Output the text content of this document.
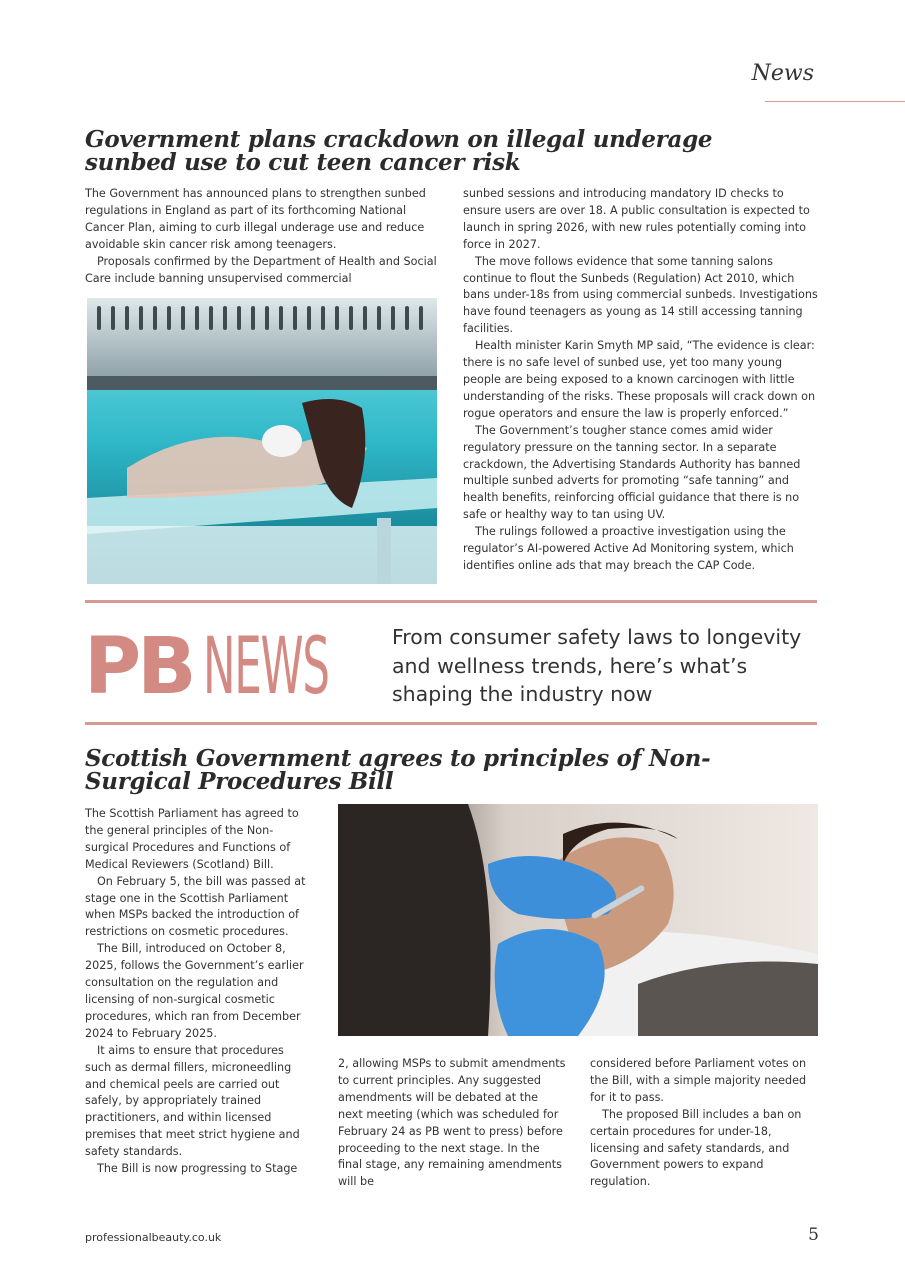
News
Government plans crackdown on illegal underage sunbed use to cut teen cancer risk

The Government has announced plans to strengthen sunbed regulations in England as part of its forthcoming National Cancer Plan, aiming to curb illegal underage use and reduce avoidable skin cancer risk among teenagers.

Proposals confirmed by the Department of Health and Social Care include banning unsupervised commercial

sunbed sessions and introducing mandatory ID checks to ensure users are over 18. A public consultation is expected to launch in spring 2026, with new rules potentially coming into force in 2027.

The move follows evidence that some tanning salons continue to flout the Sunbeds (Regulation) Act 2010, which bans under-18s from using commercial sunbeds. Investigations have found teenagers as young as 14 still accessing tanning facilities.

Health minister Karin Smyth MP said, “The evidence is clear: there is no safe level of sunbed use, yet too many young people are being exposed to a known carcinogen with little understanding of the risks. These proposals will crack down on rogue operators and ensure the law is properly enforced.”

The Government’s tougher stance comes amid wider regulatory pressure on the tanning sector. In a separate crackdown, the Advertising Standards Authority has banned multiple sunbed adverts for promoting “safe tanning” and health benefits, reinforcing official guidance that there is no safe or healthy way to tan using UV.

The rulings followed a proactive investigation using the regulator’s AI-powered Active Ad Monitoring system, which identifies online ads that may breach the CAP Code.

PB NEWS	From consumer safety laws to longevity and wellness trends, here’s what’s shaping the industry now
Scottish Government agrees to principles of Non-Surgical Procedures Bill

The Scottish Parliament has agreed to the general principles of the Non-surgical Procedures and Functions of Medical Reviewers (Scotland) Bill.

On February 5, the bill was passed at stage one in the Scottish Parliament when MSPs backed the introduction of restrictions on cosmetic procedures.

The Bill, introduced on October 8, 2025, follows the Government’s earlier consultation on the regulation and licensing of non-surgical cosmetic procedures, which ran from December 2024 to February 2025.

It aims to ensure that procedures such as dermal fillers, microneedling and chemical peels are carried out safely, by appropriately trained practitioners, and within licensed premises that meet strict hygiene and safety standards.

The Bill is now progressing to Stage

2, allowing MSPs to submit amendments to current principles. Any suggested amendments will be debated at the next meeting (which was scheduled for February 24 as PB went to press) before proceeding to the next stage. In the final stage, any remaining amendments will be

considered before Parliament votes on the Bill, with a simple majority needed for it to pass.

The proposed Bill includes a ban on certain procedures for under-18, licensing and safety standards, and Government powers to expand regulation.

professionalbeauty.co.uk	5
